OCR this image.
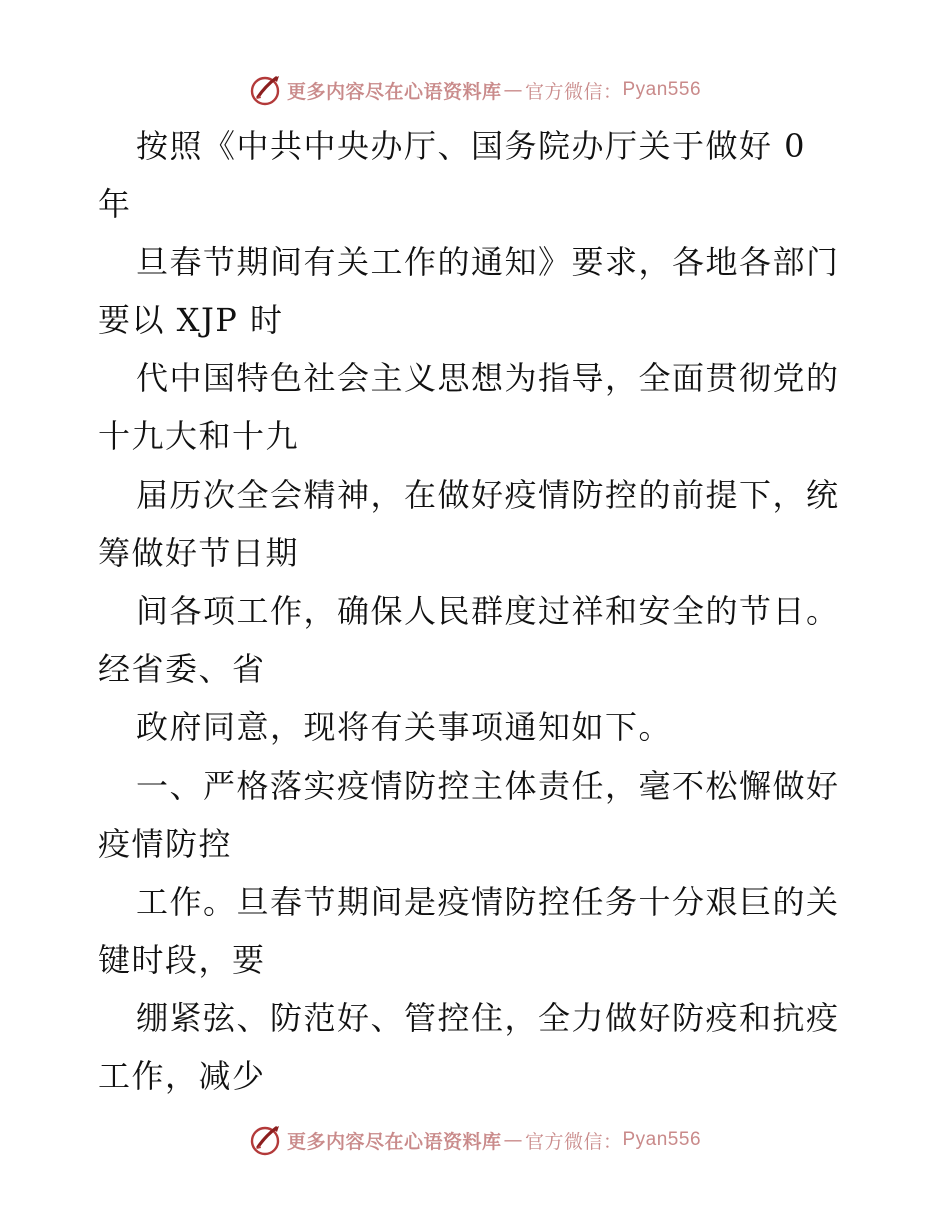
更多内容尽在心语资料库 — 官方微信： Pyan556
按照《中共中央办厅、国务院办厅关于做好 0
年
旦春节期间有关工作的通知》要求，各地各部门
要以 XJP 时
代中国特色社会主义思想为指导，全面贯彻党的
十九大和十九
届历次全会精神，在做好疫情防控的前提下，统
筹做好节日期
间各项工作，确保人民群度过祥和安全的节日。
经省委、省
政府同意，现将有关事项通知如下。
一、严格落实疫情防控主体责任，毫不松懈做好
疫情防控
工作。旦春节期间是疫情防控任务十分艰巨的关
键时段，要
绷紧弦、防范好、管控住，全力做好防疫和抗疫
工作，减少
更多内容尽在心语资料库 — 官方微信： Pyan556
